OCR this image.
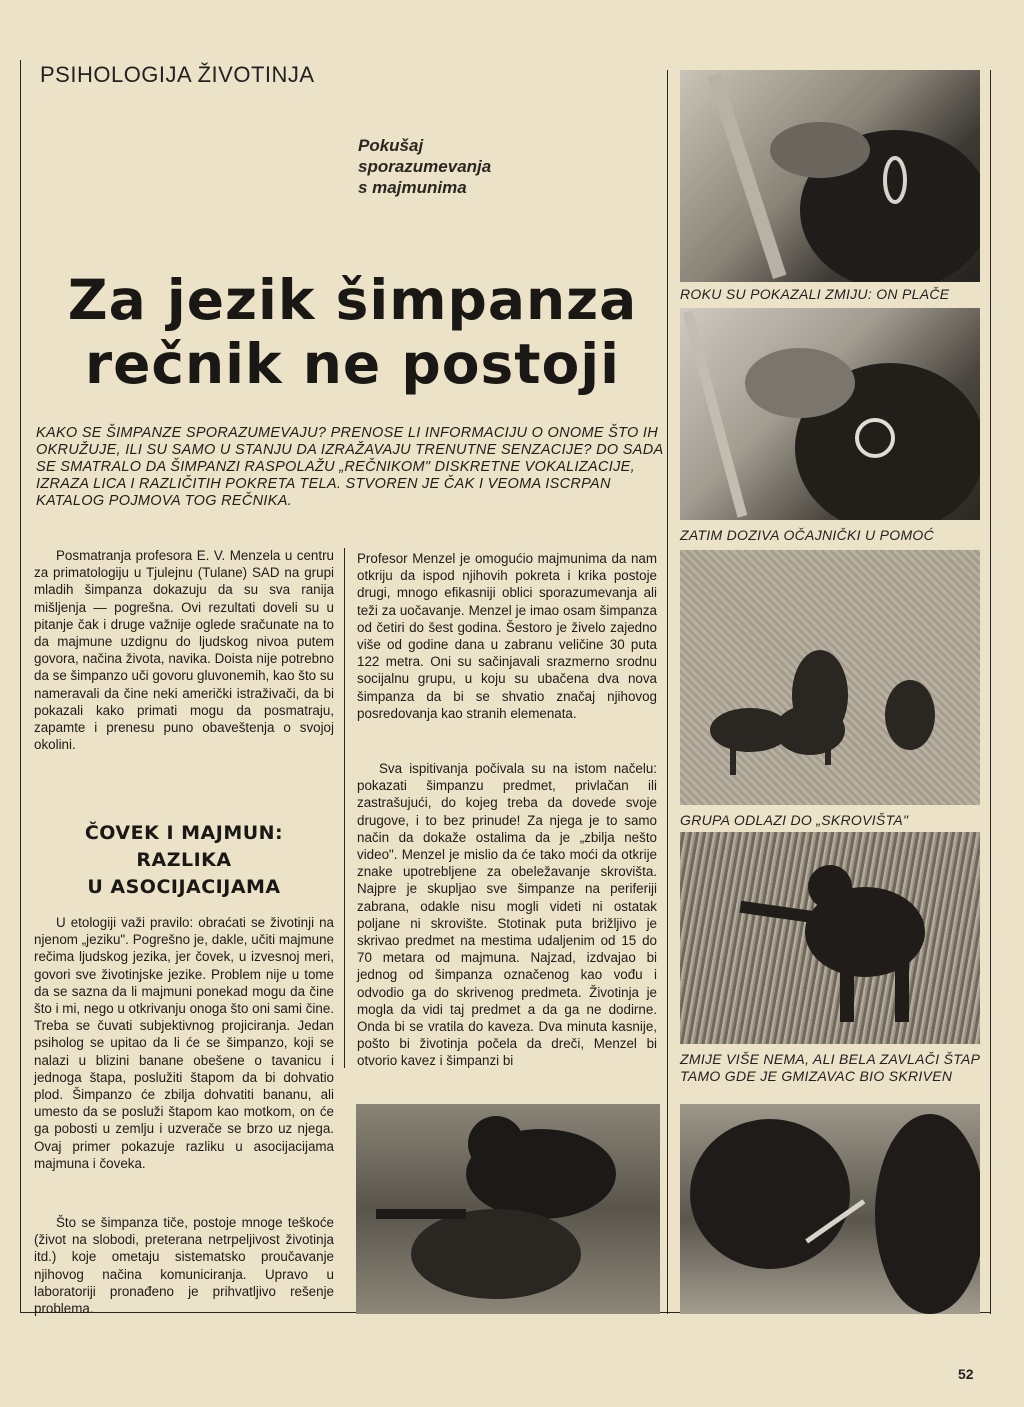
PSIHOLOGIJA ŽIVOTINJA
Pokušaj
sporazumevanja
s majmunima
Za jezik šimpanza
rečnik ne postoji
KAKO SE ŠIMPANZE SPORAZUMEVAJU? PRENOSE LI INFORMACIJU O ONOME ŠTO IH OKRUŽUJE, ILI SU SAMO U STANJU DA IZRAŽAVAJU TRENUTNE SENZACIJE? DO SADA SE SMATRALO DA ŠIMPANZI RASPOLAŽU „REČNIKOM" DISKRETNE VOKALIZACIJE, IZRAZA LICA I RAZLIČITIH POKRETA TELA. STVOREN JE ČAK I VEOMA ISCRPAN KATALOG POJMOVA TOG REČNIKA.

Posmatranja profesora E. V. Menzela u centru za primatologiju u Tjulejnu (Tulane) SAD na grupi mladih šimpanza dokazuju da su sva ranija mišljenja — pogrešna. Ovi rezultati doveli su u pitanje čak i druge važnije oglede sračunate na to da majmune uzdignu do ljudskog nivoa putem govora, načina života, navika. Doista nije potrebno da se šimpanzo uči govoru gluvonemih, kao što su nameravali da čine neki američki istraživači, da bi pokazali kako primati mogu da posmatraju, zapamte i prenesu puno obaveštenja o svojoj okolini.

ČOVEK I MAJMUN:
RAZLIKA
U ASOCIJACIJAMA

U etologiji važi pravilo: obraćati se životinji na njenom „jeziku". Pogrešno je, dakle, učiti majmune rečima ljudskog jezika, jer čovek, u izvesnoj meri, govori sve životinjske jezike. Problem nije u tome da se sazna da li majmuni ponekad mogu da čine što i mi, nego u otkrivanju onoga što oni sami čine. Treba se čuvati subjektivnog projiciranja. Jedan psiholog se upitao da li će se šimpanzo, koji se nalazi u blizini banane obešene o tavanicu i jednoga štapa, poslužiti štapom da bi dohvatio plod. Šimpanzo će zbilja dohvatiti bananu, ali umesto da se posluži štapom kao motkom, on će ga pobosti u zemlju i uzverače se brzo uz njega. Ovaj primer pokazuje razliku u asocijacijama majmuna i čoveka.

Što se šimpanza tiče, postoje mnoge teškoće (život na slobodi, preterana netrpeljivost životinja itd.) koje ometaju sistematsko proučavanje njihovog načina komuniciranja. Upravo u laboratoriji pronađeno je prihvatljivo rešenje problema.

Profesor Menzel je omogućio majmunima da nam otkriju da ispod njihovih pokreta i krika postoje drugi, mnogo efikasniji oblici sporazumevanja ali teži za uočavanje. Menzel je imao osam šimpanza od četiri do šest godina. Šestoro je živelo zajedno više od godine dana u zabranu veličine 30 puta 122 metra. Oni su sačinjavali srazmerno srodnu socijalnu grupu, u koju su ubačena dva nova šimpanza da bi se shvatio značaj njihovog posredovanja kao stranih elemenata.

Sva ispitivanja počivala su na istom načelu: pokazati šimpanzu predmet, privlačan ili zastrašujući, do kojeg treba da dovede svoje drugove, i to bez prinude! Za njega je to samo način da dokaže ostalima da je „zbilja nešto video". Menzel je mislio da će tako moći da otkrije znake upotrebljene za obeležavanje skrovišta. Najpre je skupljao sve šimpanze na periferiji zabrana, odakle nisu mogli videti ni ostatak poljane ni skrovište. Stotinak puta brižljivo je skrivao predmet na mestima udaljenim od 15 do 70 metara od majmuna. Najzad, izdvajao bi jednog od šimpanza označenog kao vođu i odvodio ga do skrivenog predmeta. Životinja je mogla da vidi taj predmet a da ga ne dodirne. Onda bi se vratila do kaveza. Dva minuta kasnije, pošto bi životinja počela da dreči, Menzel bi otvorio kavez i šimpanzi bi

ROKU SU POKAZALI ZMIJU: ON PLAČE
ZATIM DOZIVA OČAJNIČKI U POMOĆ
GRUPA ODLAZI DO „SKROVIŠTA"
ZMIJE VIŠE NEMA, ALI BELA ZAVLAČI ŠTAP TAMO GDE JE GMIZAVAC BIO SKRIVEN
52
